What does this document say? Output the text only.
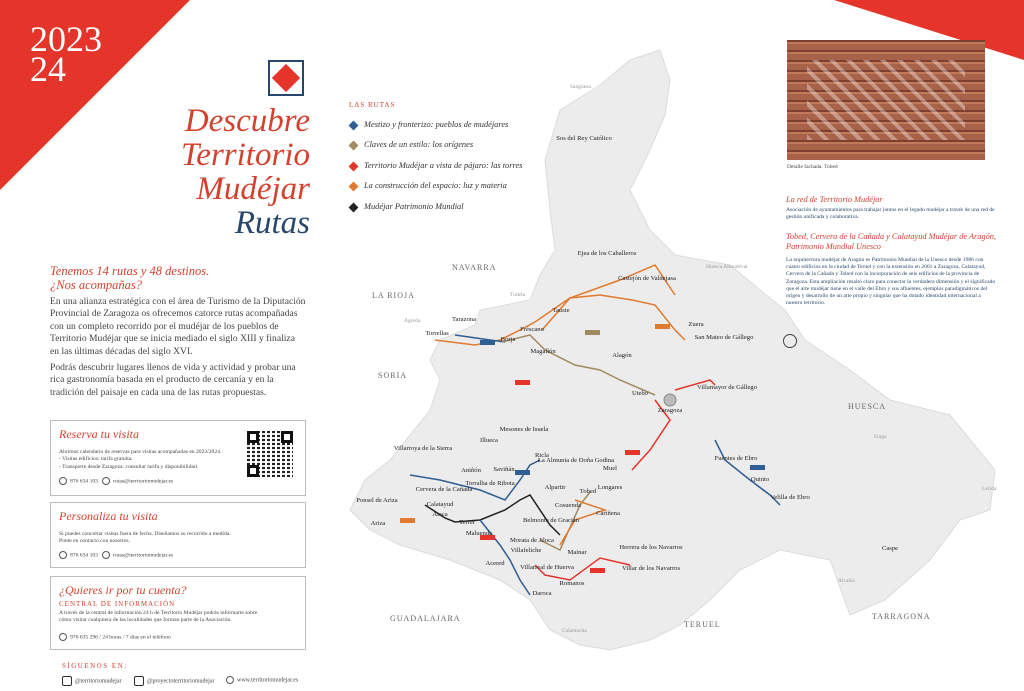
2023
24
Descubre
Territorio Mudéjar
Rutas
Tenemos 14 rutas y 48 destinos.
¿Nos acompañas?
En una alianza estratégica con el área de Turismo de la Diputación Provincial de Zaragoza os ofrecemos catorce rutas acompañadas con un completo recorrido por el mudéjar de los pueblos de Territorio Mudéjar que se inicia mediado el siglo XIII y finaliza en las últimas décadas del siglo XVI.
Podrás descubrir lugares llenos de vida y actividad y probar una rica gastronomía basada en el producto de cercanía y en la tradición del paisaje en cada una de las rutas propuestas.
Reserva tu visita
Abrimos calendario de reservas para visitas acompañadas en 2023/2024.
- Visitas edificios: tarifa gratuita.
- Transporte desde Zaragoza: consultar tarifa y disponibilidad.
876 634 103	rutas@territoriomudejar.es
Personaliza tu visita
Si puedes concretar visitas fuera de fecha. Diseñamos su recorrido a medida.
Ponte en contacto con nosotros.
876 634 103	rutas@territoriomudejar.es
¿Quieres ir por tu cuenta?
CENTRAL DE INFORMACIÓN
A través de la central de información 24 h de Territorio Mudéjar podrás informarte sobre
cómo visitar cualquiera de las localidades que forman parte de la Asociación.
976 635 296 / 24 horas / 7 días en el teléfono
SÍGUENOS EN:
@territoriomudejar	@proyectoterritoriomudejar	www.territoriomudejar.es
LAS RUTAS
Mestizo y fronterizo: pueblos de mudéjares
Claves de un estilo: los orígenes
Territorio Mudéjar a vista de pájaro: las torres
La construcción del espacio: luz y materia
Mudéjar Patrimonio Mundial
NAVARRA
LA RIOJA
SORIA
HUESCA
GUADALAJARA
TERUEL
TARRAGONA
Sangüesa
Tudela
Ágreda
Huesca Almudévar
Fraga
Alcañiz
Calamocha
Lérida
Sos del Rey Católico
Ejea de los Caballeros
Castejón de Valdejasa
Tarazona
Torrellas
Borja
Fréscano
Tauste
Magallón
Alagón
Zuera
San Mateo de Gállego
Villamayor de Gállego
Utebo
Zaragoza
Mesones de Isuela
Illueca
Villarroya de la Sierra
Aniñón Saviñán
Ricla
La Almunia de Doña Godina
Torralba de Ribota
Alpartir
Muel
Cervera de la Cañada
Calatayud
Longares
Cosuenda
Tobed
Cariñena
Belmonte de Gracián
Terrer
Maluenda
Ateca
Ponsel de Ariza
Ariza
Morata de Jiloca
Villafeliche
Acered
Mainar
Villarreal de Huerva
Romanos
Herrera de los Navarros
Villar de los Navarros
Daroca
Fuentes de Ebro
Quinto
Velilla de Ebro
Caspe
Detalle fachada. Tobed
La red de Territorio Mudéjar
Asociación de ayuntamientos para trabajar juntos en el legado mudéjar a través de una red de gestión unificada y colaborativa.
Tobed, Cervera de la Cañada y Calatayud Mudéjar de Aragón, Patrimonio Mundial Unesco
La arquitectura mudéjar de Aragón es Patrimonio Mundial de la Unesco desde 1986 con cuatro edificios en la ciudad de Teruel y con la extensión en 2001 a Zaragoza, Calatayud, Cervera de la Cañada y Tobed con la incorporación de seis edificios de la provincia de Zaragoza. Esta ampliación resaltó claro para conectar la verdadera dimensión y el significado que el arte mudéjar tiene en el valle del Ebro y sus afluentes, ejemplos paradigmáticos del origen y desarrollo de un arte propio y singular que ha dotado identidad internacional a nuestro territorio.
